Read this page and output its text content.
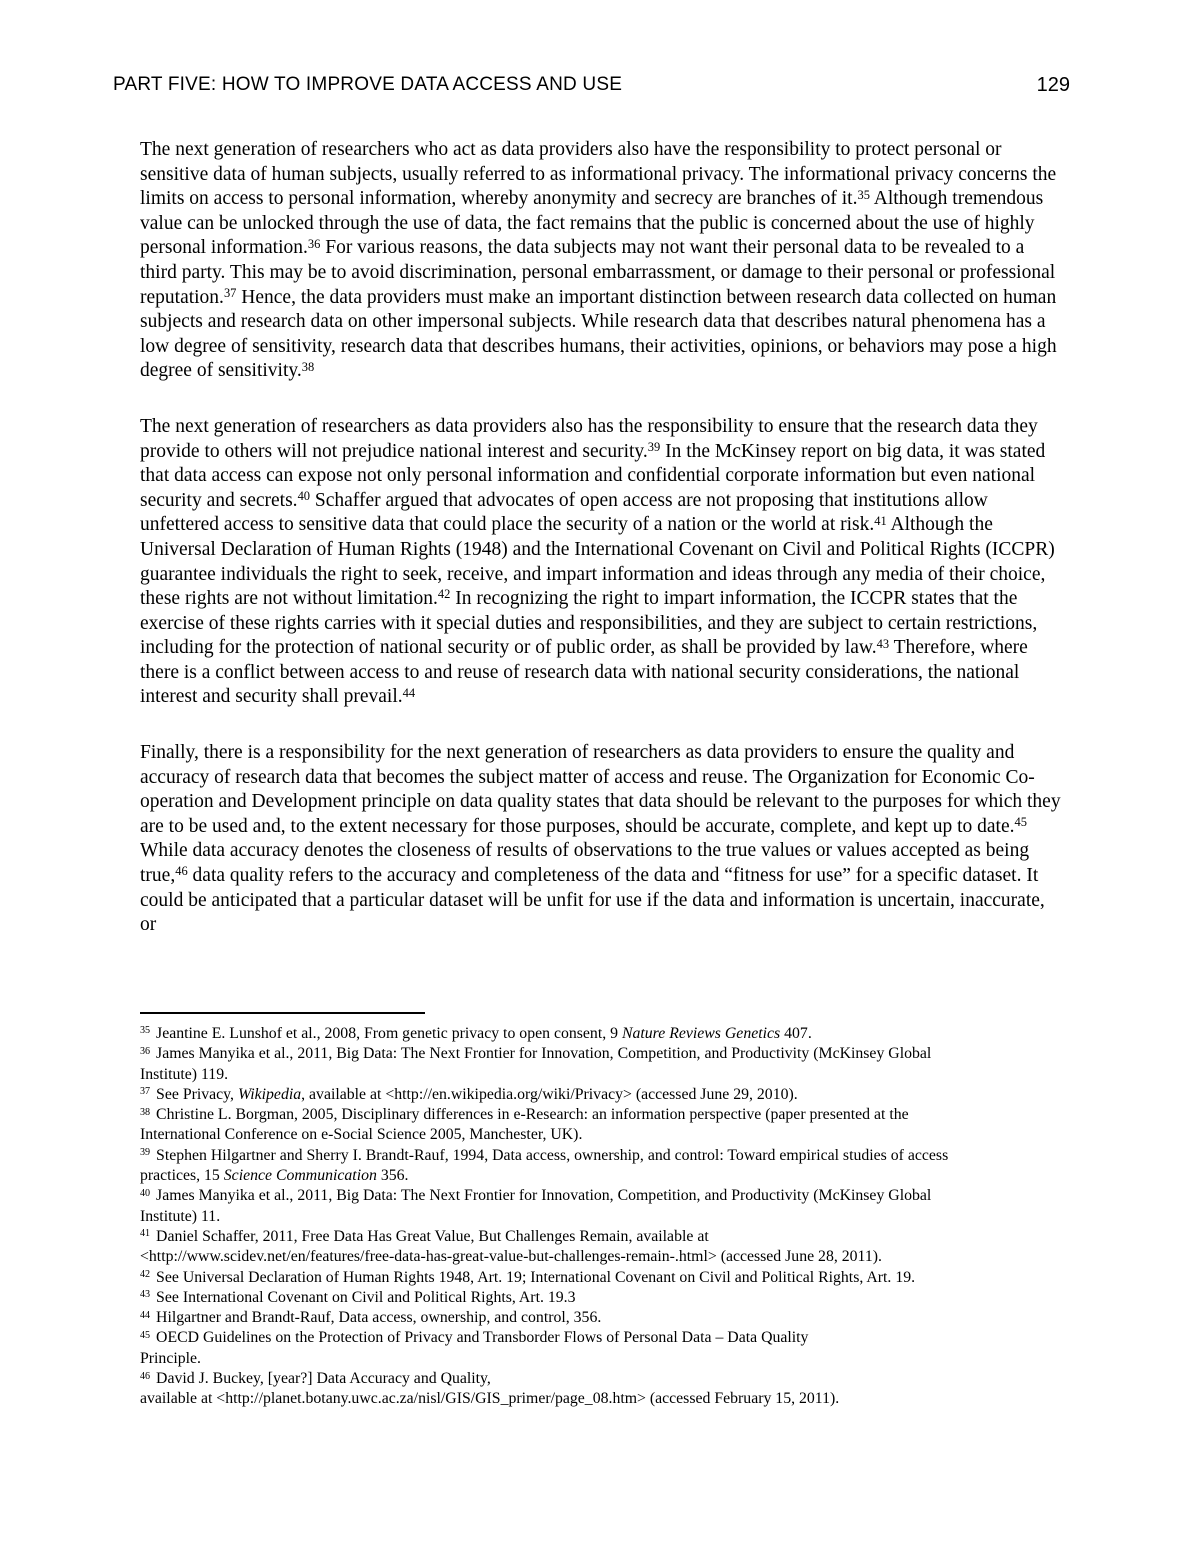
PART FIVE: HOW TO IMPROVE DATA ACCESS AND USE	129

The next generation of researchers who act as data providers also have the responsibility to protect personal or sensitive data of human subjects, usually referred to as informational privacy. The informational privacy concerns the limits on access to personal information, whereby anonymity and secrecy are branches of it.$^{35}$ Although tremendous value can be unlocked through the use of data, the fact remains that the public is concerned about the use of highly personal information.$^{36}$ For various reasons, the data subjects may not want their personal data to be revealed to a third party. This may be to avoid discrimination, personal embarrassment, or damage to their personal or professional reputation.$^{37}$ Hence, the data providers must make an important distinction between research data collected on human subjects and research data on other impersonal subjects. While research data that describes natural phenomena has a low degree of sensitivity, research data that describes humans, their activities, opinions, or behaviors may pose a high degree of sensitivity.$^{38}$

The next generation of researchers as data providers also has the responsibility to ensure that the research data they provide to others will not prejudice national interest and security.$^{39}$ In the McKinsey report on big data, it was stated that data access can expose not only personal information and confidential corporate information but even national security and secrets.$^{40}$ Schaffer argued that advocates of open access are not proposing that institutions allow unfettered access to sensitive data that could place the security of a nation or the world at risk.$^{41}$ Although the Universal Declaration of Human Rights (1948) and the International Covenant on Civil and Political Rights (ICCPR) guarantee individuals the right to seek, receive, and impart information and ideas through any media of their choice, these rights are not without limitation.$^{42}$ In recognizing the right to impart information, the ICCPR states that the exercise of these rights carries with it special duties and responsibilities, and they are subject to certain restrictions, including for the protection of national security or of public order, as shall be provided by law.$^{43}$ Therefore, where there is a conflict between access to and reuse of research data with national security considerations, the national interest and security shall prevail.$^{44}$

Finally, there is a responsibility for the next generation of researchers as data providers to ensure the quality and accuracy of research data that becomes the subject matter of access and reuse. The Organization for Economic Co-operation and Development principle on data quality states that data should be relevant to the purposes for which they are to be used and, to the extent necessary for those purposes, should be accurate, complete, and kept up to date.$^{45}$  While data accuracy denotes the closeness of results of observations to the true values or values accepted as being true,$^{46}$ data quality refers to the accuracy and completeness of the data and “fitness for use” for a specific dataset. It could be anticipated that a particular dataset will be unfit for use if the data and information is uncertain, inaccurate, or

$^{35}$ Jeantine E. Lunshof et al., 2008, From genetic privacy to open consent, 9 Nature Reviews Genetics 407.
$^{36}$ James Manyika et al., 2011, Big Data: The Next Frontier for Innovation, Competition, and Productivity (McKinsey Global
Institute) 119.
$^{37}$ See Privacy, Wikipedia, available at <http://en.wikipedia.org/wiki/Privacy> (accessed June 29, 2010).
$^{38}$ Christine L. Borgman, 2005, Disciplinary differences in e-Research: an information perspective (paper presented at the
International Conference on e-Social Science 2005, Manchester, UK).
$^{39}$ Stephen Hilgartner and Sherry I. Brandt-Rauf, 1994, Data access, ownership, and control: Toward empirical studies of access
practices, 15 Science Communication 356.
$^{40}$ James Manyika et al., 2011, Big Data: The Next Frontier for Innovation, Competition, and Productivity (McKinsey Global
Institute) 11.
$^{41}$ Daniel Schaffer, 2011, Free Data Has Great Value, But Challenges Remain, available at
<http://www.scidev.net/en/features/free-data-has-great-value-but-challenges-remain-.html> (accessed June 28, 2011).
$^{42}$ See Universal Declaration of Human Rights 1948, Art. 19; International Covenant on Civil and Political Rights, Art. 19.
$^{43}$ See International Covenant on Civil and Political Rights, Art. 19.3
$^{44}$ Hilgartner and Brandt-Rauf, Data access, ownership, and control, 356.
$^{45}$ OECD Guidelines on the Protection of Privacy and Transborder Flows of Personal Data – Data Quality
Principle.
$^{46}$ David J. Buckey, [year?] Data Accuracy and Quality,
available at <http://planet.botany.uwc.ac.za/nisl/GIS/GIS_primer/page_08.htm> (accessed February 15, 2011).
